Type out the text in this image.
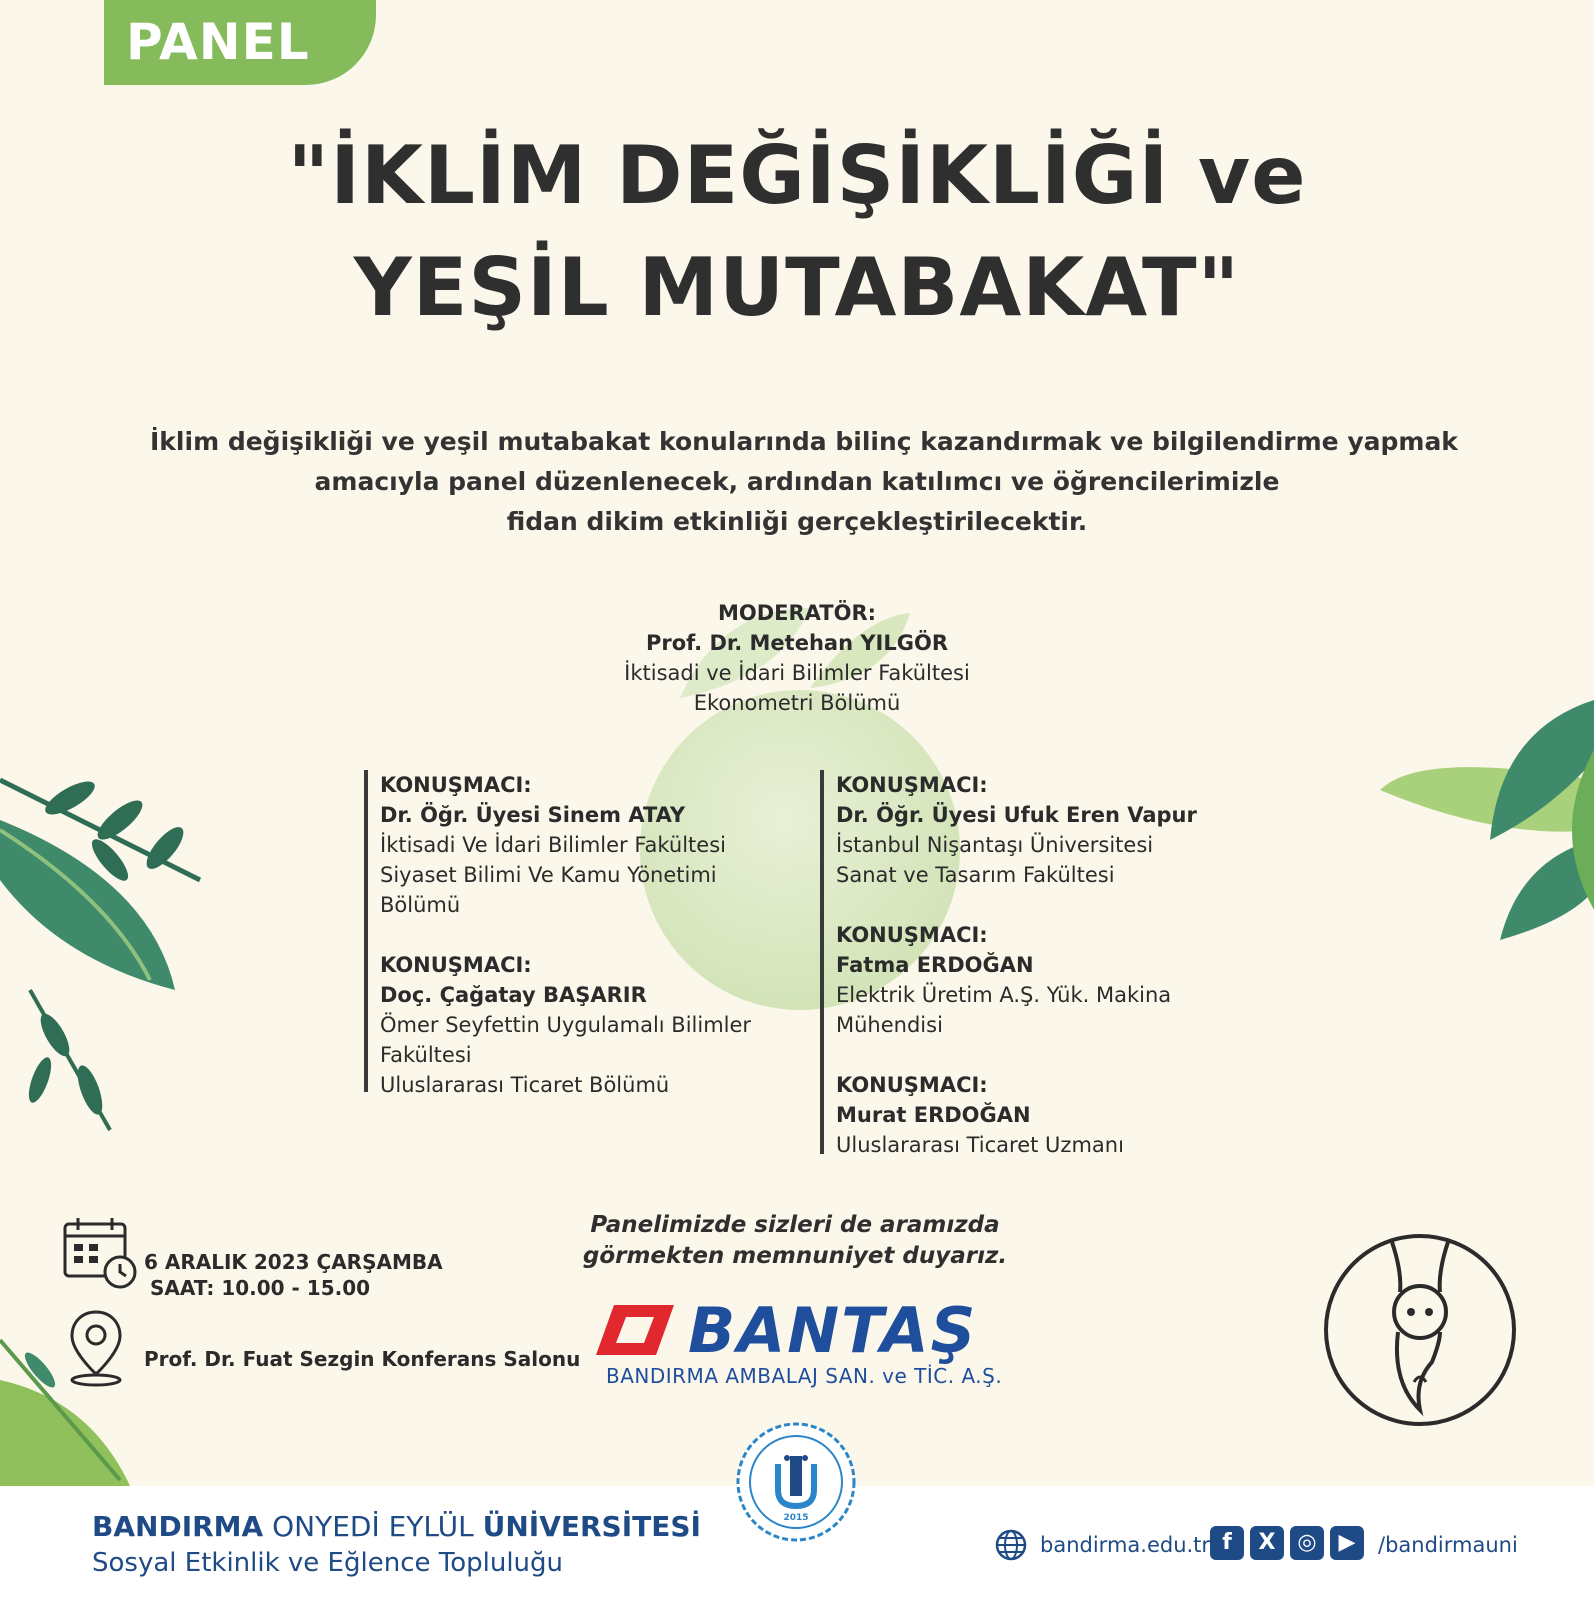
PANEL
"İKLİM DEĞİŞİKLİĞİ ve
YEŞİL MUTABAKAT"
İklim değişikliği ve yeşil mutabakat konularında bilinç kazandırmak ve bilgilendirme yapmak
amacıyla panel düzenlenecek, ardından katılımcı ve öğrencilerimizle
fidan dikim etkinliği gerçekleştirilecektir.
MODERATÖR:
Prof. Dr. Metehan YILGÖR
İktisadi ve İdari Bilimler Fakültesi
Ekonometri Bölümü
KONUŞMACI:
Dr. Öğr. Üyesi Sinem ATAY
İktisadi Ve İdari Bilimler Fakültesi
Siyaset Bilimi Ve Kamu Yönetimi
Bölümü
KONUŞMACI:
Doç. Çağatay BAŞARIR
Ömer Seyfettin Uygulamalı Bilimler
Fakültesi
Uluslararası Ticaret Bölümü
KONUŞMACI:
Dr. Öğr. Üyesi Ufuk Eren Vapur
İstanbul Nişantaşı Üniversitesi
Sanat ve Tasarım Fakültesi
KONUŞMACI:
Fatma ERDOĞAN
Elektrik Üretim A.Ş. Yük. Makina
Mühendisi
KONUŞMACI:
Murat ERDOĞAN
Uluslararası Ticaret Uzmanı
6 ARALIK 2023 ÇARŞAMBA
SAAT: 10.00 - 15.00
Prof. Dr. Fuat Sezgin Konferans Salonu
Panelimizde sizleri de aramızda
görmekten memnuniyet duyarız.
BANTAŞ
BANDIRMA AMBALAJ SAN. ve TİC. A.Ş.
BANDIRMA ONYEDİ EYLÜL ÜNİVERSİTESİ
Sosyal Etkinlik ve Eğlence Topluluğu
2015
bandirma.edu.tr f	X ◎ ▶	/bandirmauni
